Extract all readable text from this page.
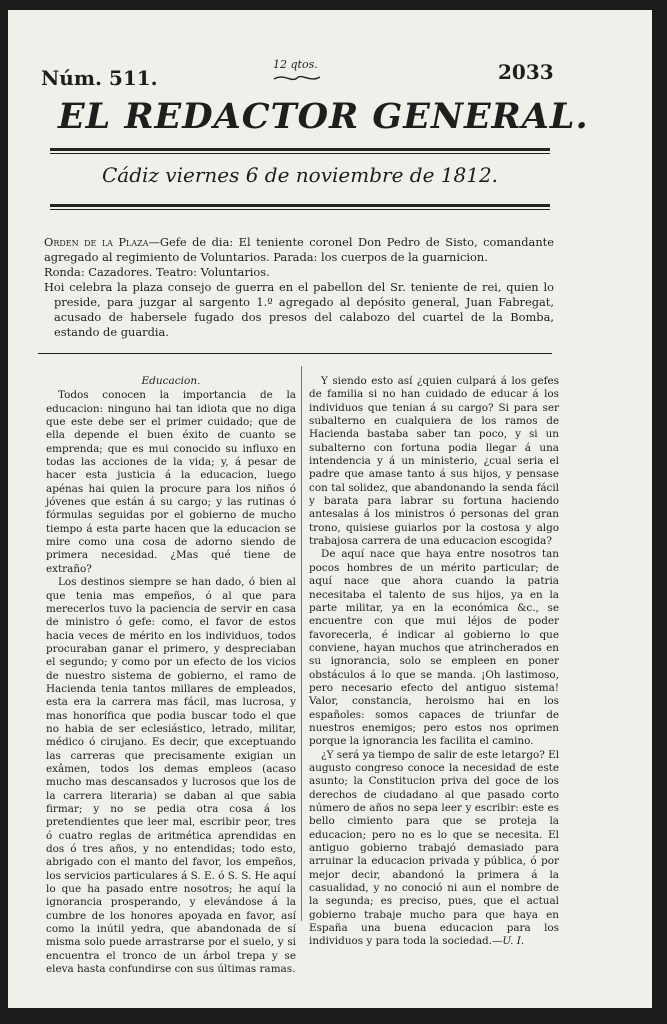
Núm. 511.
12 qtos.	2033
EL REDACTOR GENERAL.
Cádiz viernes 6 de noviembre de 1812.

Orden de la Plaza—Gefe de dia: El teniente coronel Don Pedro de Sisto, comandante agregado al regimiento de Voluntarios. Parada: los cuerpos de la guarnicion.

Ronda: Cazadores. Teatro: Voluntarios.

Hoi celebra la plaza consejo de guerra en el pabellon del Sr. teniente de rei, quien lo preside, para juzgar al sargento 1.º agregado al depósito general, Juan Fabregat, acusado de habersele fugado dos presos del calabozo del cuartel de la Bomba, estando de guardia.

Educacion.

Todos conocen la importancia de la educacion: ninguno hai tan idiota que no diga que este debe ser el primer cuidado; que de ella depende el buen éxito de cuanto se emprenda; que es mui conocido su influxo en todas las acciones de la vida; y, á pesar de hacer esta justicia á la educacion, luego apénas hai quien la procure para los niños ó jóvenes que están á su cargo; y las rutinas ó fórmulas seguidas por el gobierno de mucho tiempo á esta parte hacen que la educacion se mire como una cosa de adorno siendo de primera necesidad. ¿Mas qué tiene de extraño?

Los destinos siempre se han dado, ó bien al que tenia mas empeños, ó al que para merecerlos tuvo la paciencia de servir en casa de ministro ó gefe: como, el favor de estos hacia veces de mérito en los individuos, todos procuraban ganar el primero, y despreciaban el segundo; y como por un efecto de los vicios de nuestro sistema de gobierno, el ramo de Hacienda tenia tantos millares de empleados, esta era la carrera mas fácil, mas lucrosa, y mas honorífica que podia buscar todo el que no habia de ser eclesiástico, letrado, militar, médico ó cirujano. Es decir, que exceptuando las carreras que precisamente exigian un exâmen, todos los demas empleos (acaso mucho mas descansados y lucrosos que los de la carrera literaria) se daban al que sabia firmar; y no se pedia otra cosa á los pretendientes que leer mal, escribir peor, tres ó cuatro reglas de aritmética aprendidas en dos ó tres años, y no entendidas; todo esto, abrigado con el manto del favor, los empeños, los servicios particulares á S. E. ó S. S. He aquí lo que ha pasado entre nosotros; he aquí la ignorancia prosperando, y elevándose á la cumbre de los honores apoyada en favor, así como la inútil yedra, que abandonada de sí misma solo puede arrastrarse por el suelo, y si encuentra el tronco de un árbol trepa y se eleva hasta confundirse con sus últimas ramas.

Y siendo esto así ¿quien culpará á los gefes de familia si no han cuidado de educar á los individuos que tenian á su cargo? Si para ser subalterno en cualquiera de los ramos de Hacienda bastaba saber tan poco, y si un subalterno con fortuna podia llegar á una intendencia y á un ministerio, ¿cual seria el padre que amase tanto á sus hijos, y pensase con tal solidez, que abandonando la senda fácil y barata para labrar su fortuna haciendo antesalas á los ministros ó personas del gran trono, quisiese guiarlos por la costosa y algo trabajosa carrera de una educacion escogida?

De aquí nace que haya entre nosotros tan pocos hombres de un mérito particular; de aquí nace que ahora cuando la patria necesitaba el talento de sus hijos, ya en la parte militar, ya en la económica &c., se encuentre con que mui léjos de poder favorecerla, é indicar al gobierno lo que conviene, hayan muchos que atrincherados en su ignorancia, solo se empleen en poner obstáculos á lo que se manda. ¡Oh lastimoso, pero necesario efecto del antiguo sistema! Valor, constancia, heroismo hai en los españoles: somos capaces de triunfar de nuestros enemigos; pero estos nos oprimen porque la ignorancia les facilita el camino.

¿Y será ya tiempo de salir de este letargo? El augusto congreso conoce la necesidad de este asunto; la Constitucion priva del goce de los derechos de ciudadano al que pasado corto número de años no sepa leer y escribir: este es bello cimiento para que se proteja la educacion; pero no es lo que se necesita. El antiguo gobierno trabajó demasiado para arruinar la educacion privada y pública, ó por mejor decir, abandonó la primera á la casualidad, y no conoció ni aun el nombre de la segunda; es preciso, pues, que el actual gobierno trabaje mucho para que haya en España una buena educacion para los individuos y para toda la sociedad.—U. I.
